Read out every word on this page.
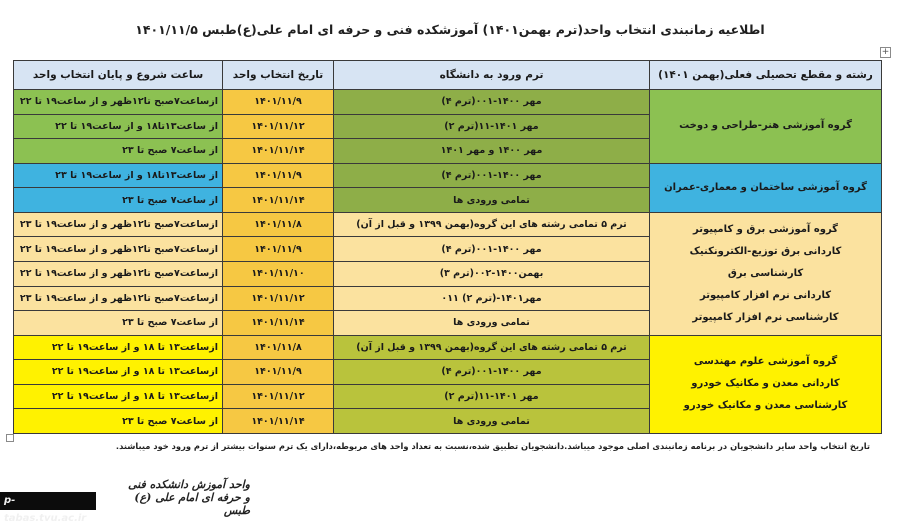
اطلاعیه زمانبندی انتخاب واحد(ترم بهمن۱۴۰۱) آموزشکده فنی و حرفه ای امام علی(ع)طبس ۱۴۰۱/۱۱/۵
+
رشته و مقطع تحصیلی فعلی(بهمن ۱۴۰۱)	ترم ورود به دانشگاه	تاریخ انتخاب واحد	ساعت شروع و پایان انتخاب واحد
گروه آموزشی هنر-طراحی و دوخت	مهر ۱۴۰۰-۰۰۱(ترم ۴)	۱۴۰۱/۱۱/۹	ازساعت۷صبح تا۱۲ظهر و از ساعت۱۹ تا ۲۲
	مهر ۱۴۰۱-۱۱(ترم ۲)	۱۴۰۱/۱۱/۱۲	از ساعت۱۳تا۱۸ و از ساعت۱۹ تا ۲۲
	مهر ۱۴۰۰ و مهر ۱۴۰۱	۱۴۰۱/۱۱/۱۴	از ساعت۷ صبح تا ۲۳
گروه آموزشی ساختمان و معماری-عمران	مهر ۱۴۰۰-۰۰۱(ترم ۴)	۱۴۰۱/۱۱/۹	از ساعت۱۳تا۱۸ و از ساعت۱۹ تا ۲۳
	تمامی ورودی ها	۱۴۰۱/۱۱/۱۴	از ساعت۷ صبح تا ۲۳

گروه آموزشی برق و کامپیوتر
کاردانی برق توزیع-الکترونکنیک
کارشناسی برق
کاردانی نرم افزار کامپیوتر
کارشناسی نرم افزار کامپیوتر	ترم ۵ تمامی رشته های این گروه(بهمن ۱۳۹۹ و قبل از آن)	۱۴۰۱/۱۱/۸	ازساعت۷صبح تا۱۲ظهر و از ساعت۱۹ تا ۲۳
	مهر ۱۴۰۰-۰۰۱(ترم ۴)	۱۴۰۱/۱۱/۹	ازساعت۷صبح تا۱۲ظهر و از ساعت۱۹ تا ۲۲
	بهمن۱۴۰۰-۰۰۲(ترم ۳)	۱۴۰۱/۱۱/۱۰	ازساعت۷صبح تا۱۲ظهر و از ساعت۱۹ تا ۲۲
	مهر۱۴۰۱-(ترم ۲) ۰۱۱	۱۴۰۱/۱۱/۱۲	ازساعت۷صبح تا۱۲ظهر و از ساعت۱۹ تا ۲۳
	تمامی ورودی ها	۱۴۰۱/۱۱/۱۴	از ساعت۷ صبح تا ۲۳

گروه آموزشی علوم مهندسی
کاردانی معدن و مکانیک خودرو
کارشناسی معدن و مکانیک خودرو	ترم ۵ تمامی رشته های این گروه(بهمن ۱۳۹۹ و قبل از آن)	۱۴۰۱/۱۱/۸	ازساعت۱۳ تا ۱۸ و از ساعت۱۹ تا ۲۲
	مهر ۱۴۰۰-۰۰۱(ترم ۴)	۱۴۰۱/۱۱/۹	ازساعت۱۳ تا ۱۸ و از ساعت۱۹ تا ۲۲
	مهر ۱۴۰۱-۱۱(ترم ۲)	۱۴۰۱/۱۱/۱۲	ازساعت۱۳ تا ۱۸ و از ساعت۱۹ تا ۲۲
	تمامی ورودی ها	۱۴۰۱/۱۱/۱۴	از ساعت۷ صبح تا ۲۳
تاریخ انتخاب واحد سایر دانشجویان در برنامه زمانبندی اصلی موجود میباشد.دانشجویان تطبیق شده،نسبت به تعداد واحد های مربوطه،دارای یک ترم سنوات بیشتر از ترم ورود خود میباشند.
واحد آموزش دانشکده فنی و حرفه ای امام علی (ع) طبس
p-tabas.tvu.ac.ir
